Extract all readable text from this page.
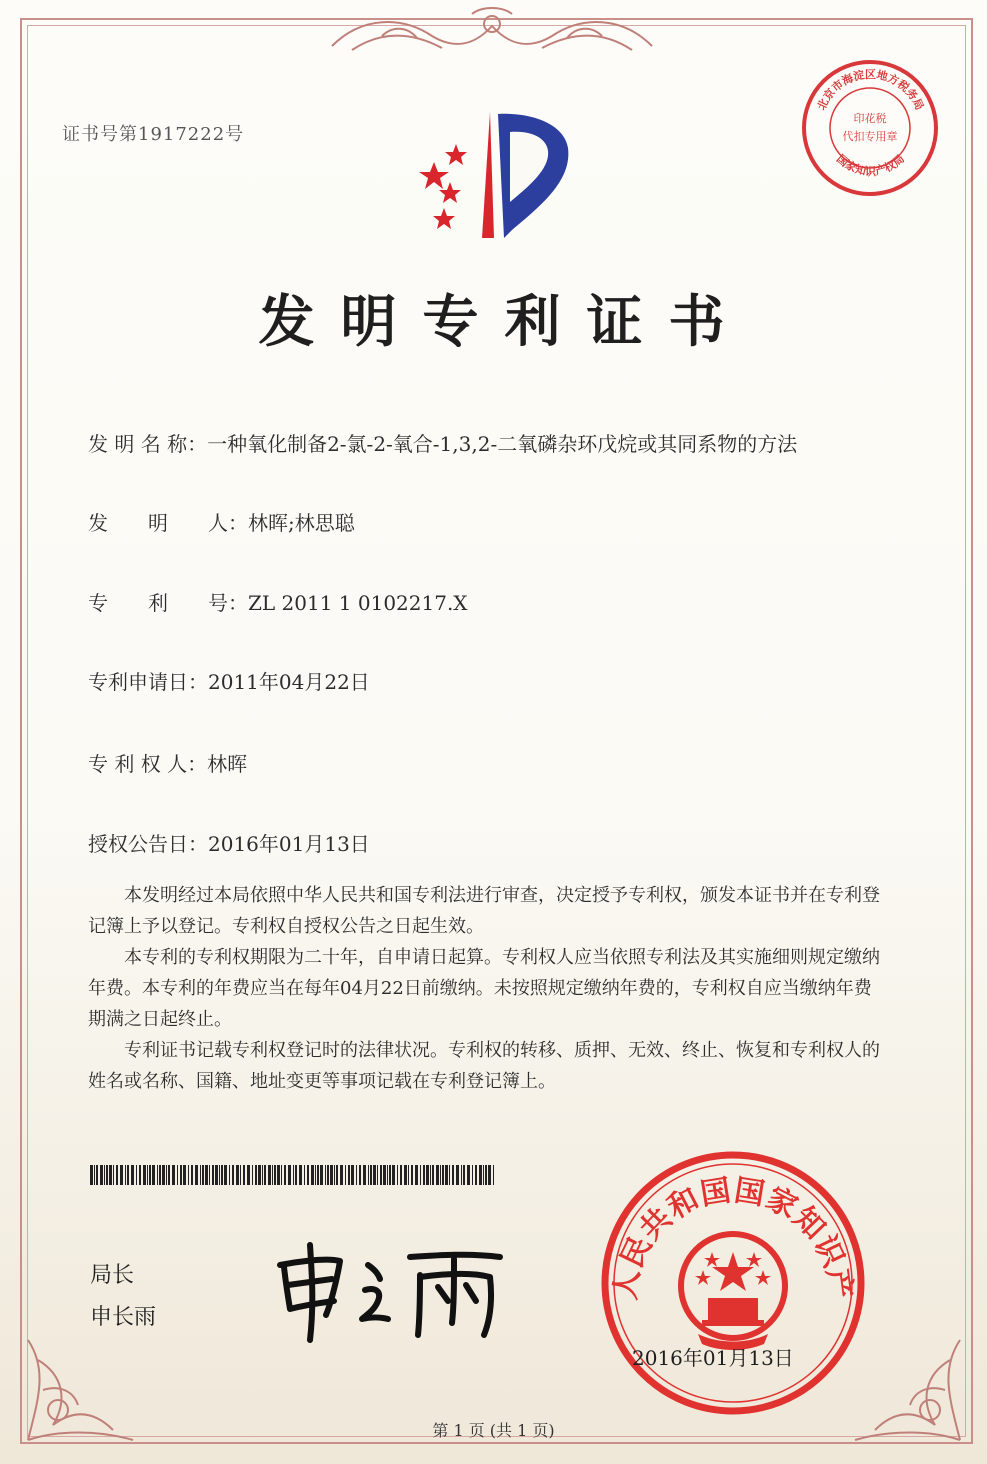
证书号第1917222号
发明专利证书
发 明 名 称：一种氧化制备2-氯-2-氧合-1,3,2-二氧磷杂环戊烷或其同系物的方法
发　　明　　人：林晖;林思聪
专　　利　　号：ZL 2011 1 0102217.X
专利申请日：2011年04月22日
专 利 权 人：林晖
授权公告日：2016年01月13日

本发明经过本局依照中华人民共和国专利法进行审查，决定授予专利权，颁发本证书并在专利登记簿上予以登记。专利权自授权公告之日起生效。

本专利的专利权期限为二十年，自申请日起算。专利权人应当依照专利法及其实施细则规定缴纳年费。本专利的年费应当在每年04月22日前缴纳。未按照规定缴纳年费的，专利权自应当缴纳年费期满之日起终止。

专利证书记载专利权登记时的法律状况。专利权的转移、质押、无效、终止、恢复和专利权人的姓名或名称、国籍、地址变更等事项记载在专利登记簿上。

局长
申长雨
人民共和国国家知识产
2016年01月13日
北京市海淀区地方税务局
国家知识产权局
印花税
代扣专用章
第 1 页 (共 1 页)
